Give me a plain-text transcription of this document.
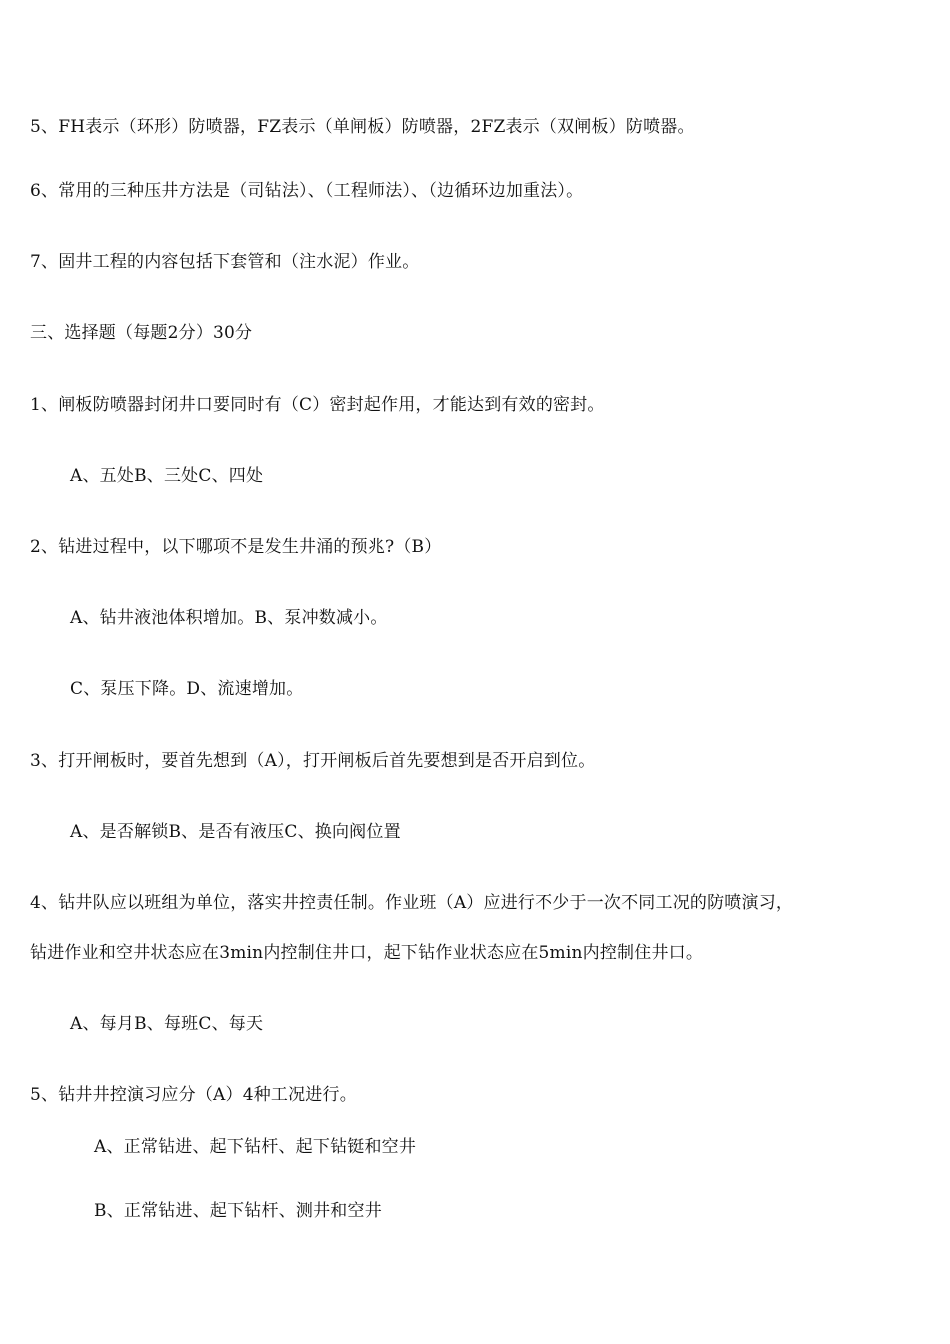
5、FH表示（环形）防喷器，FZ表示（单闸板）防喷器，2FZ表示（双闸板）防喷器。
6、常用的三种压井方法是（司钻法）、（工程师法）、（边循环边加重法）。
7、固井工程的内容包括下套管和（注水泥）作业。
三、选择题（每题2分）30分
1、闸板防喷器封闭井口要同时有（C）密封起作用，才能达到有效的密封。
A、五处B、三处C、四处
2、钻进过程中，以下哪项不是发生井涌的预兆?（B）
A、钻井液池体积增加。B、泵冲数减小。
C、泵压下降。D、流速增加。
3、打开闸板时，要首先想到（A），打开闸板后首先要想到是否开启到位。
A、是否解锁B、是否有液压C、换向阀位置
4、钻井队应以班组为单位，落实井控责任制。作业班（A）应进行不少于一次不同工况的防喷演习，
钻进作业和空井状态应在3min内控制住井口，起下钻作业状态应在5min内控制住井口。
A、每月B、每班C、每天
5、钻井井控演习应分（A）4种工况进行。
A、正常钻进、起下钻杆、起下钻铤和空井
B、正常钻进、起下钻杆、测井和空井
